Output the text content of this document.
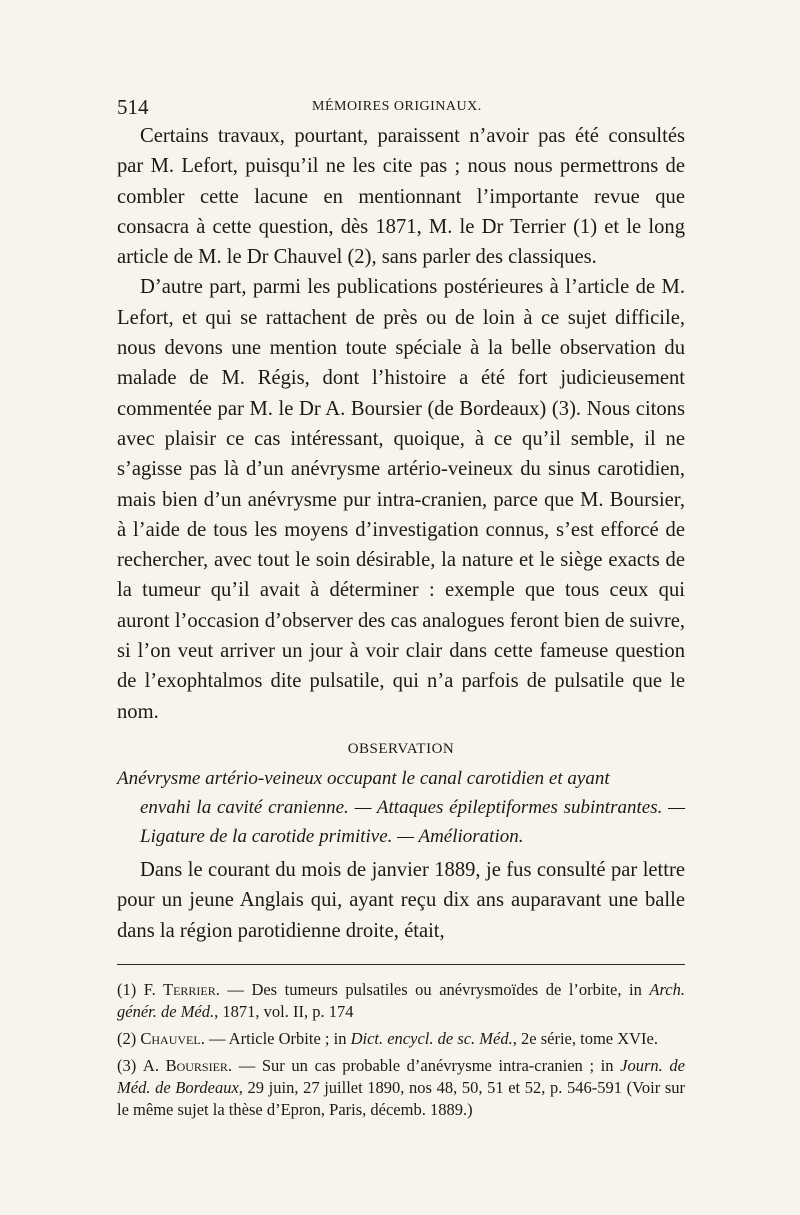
514	MÉMOIRES ORIGINAUX.

Certains travaux, pourtant, paraissent n’avoir pas été consultés par M. Lefort, puisqu’il ne les cite pas ; nous nous permettrons de combler cette lacune en mentionnant l’importante revue que consacra à cette question, dès 1871, M. le Dr Terrier (1) et le long article de M. le Dr Chauvel (2), sans parler des classiques.

D’autre part, parmi les publications postérieures à l’article de M. Lefort, et qui se rattachent de près ou de loin à ce sujet difficile, nous devons une mention toute spéciale à la belle observation du malade de M. Régis, dont l’histoire a été fort judicieusement commentée par M. le Dr A. Boursier (de Bordeaux) (3). Nous citons avec plaisir ce cas intéressant, quoique, à ce qu’il semble, il ne s’agisse pas là d’un anévrysme artério-veineux du sinus carotidien, mais bien d’un anévrysme pur intra-cranien, parce que M. Boursier, à l’aide de tous les moyens d’investigation connus, s’est efforcé de rechercher, avec tout le soin désirable, la nature et le siège exacts de la tumeur qu’il avait à déterminer : exemple que tous ceux qui auront l’occasion d’observer des cas analogues feront bien de suivre, si l’on veut arriver un jour à voir clair dans cette fameuse question de l’exophtalmos dite pulsatile, qui n’a parfois de pulsatile que le nom.

OBSERVATION
Anévrysme artério-veineux occupant le canal carotidien et ayant
envahi la cavité cranienne. — Attaques épileptiformes subintrantes. —Ligature de la carotide primitive. — Amélioration.

Dans le courant du mois de janvier 1889, je fus consulté par lettre pour un jeune Anglais qui, ayant reçu dix ans auparavant une balle dans la région parotidienne droite, était,

(1) F. Terrier. — Des tumeurs pulsatiles ou anévrysmoïdes de l’orbite, in Arch. génér. de Méd., 1871, vol. II, p. 174

(2) Chauvel. — Article Orbite ; in Dict. encycl. de sc. Méd., 2e série, tome XVIe.

(3) A. Boursier. — Sur un cas probable d’anévrysme intra-cranien ; in Journ. de Méd. de Bordeaux, 29 juin, 27 juillet 1890, nos 48, 50, 51 et 52, p. 546-591 (Voir sur le même sujet la thèse d’Epron, Paris, décemb. 1889.)
